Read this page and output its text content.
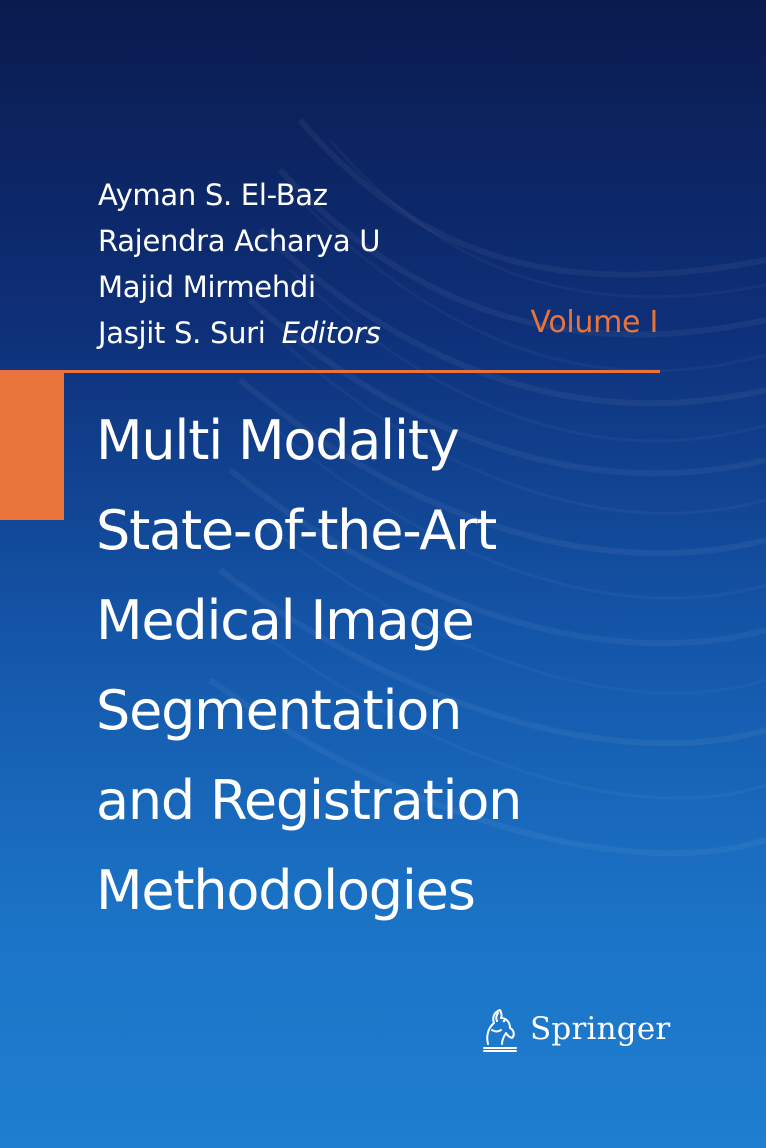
Ayman S. El-Baz
Rajendra Acharya U
Majid Mirmehdi
Jasjit S. Suri Editors	Volume I
Multi Modality
State-of-the-Art
Medical Image
Segmentation
and Registration
Methodologies
Springer
